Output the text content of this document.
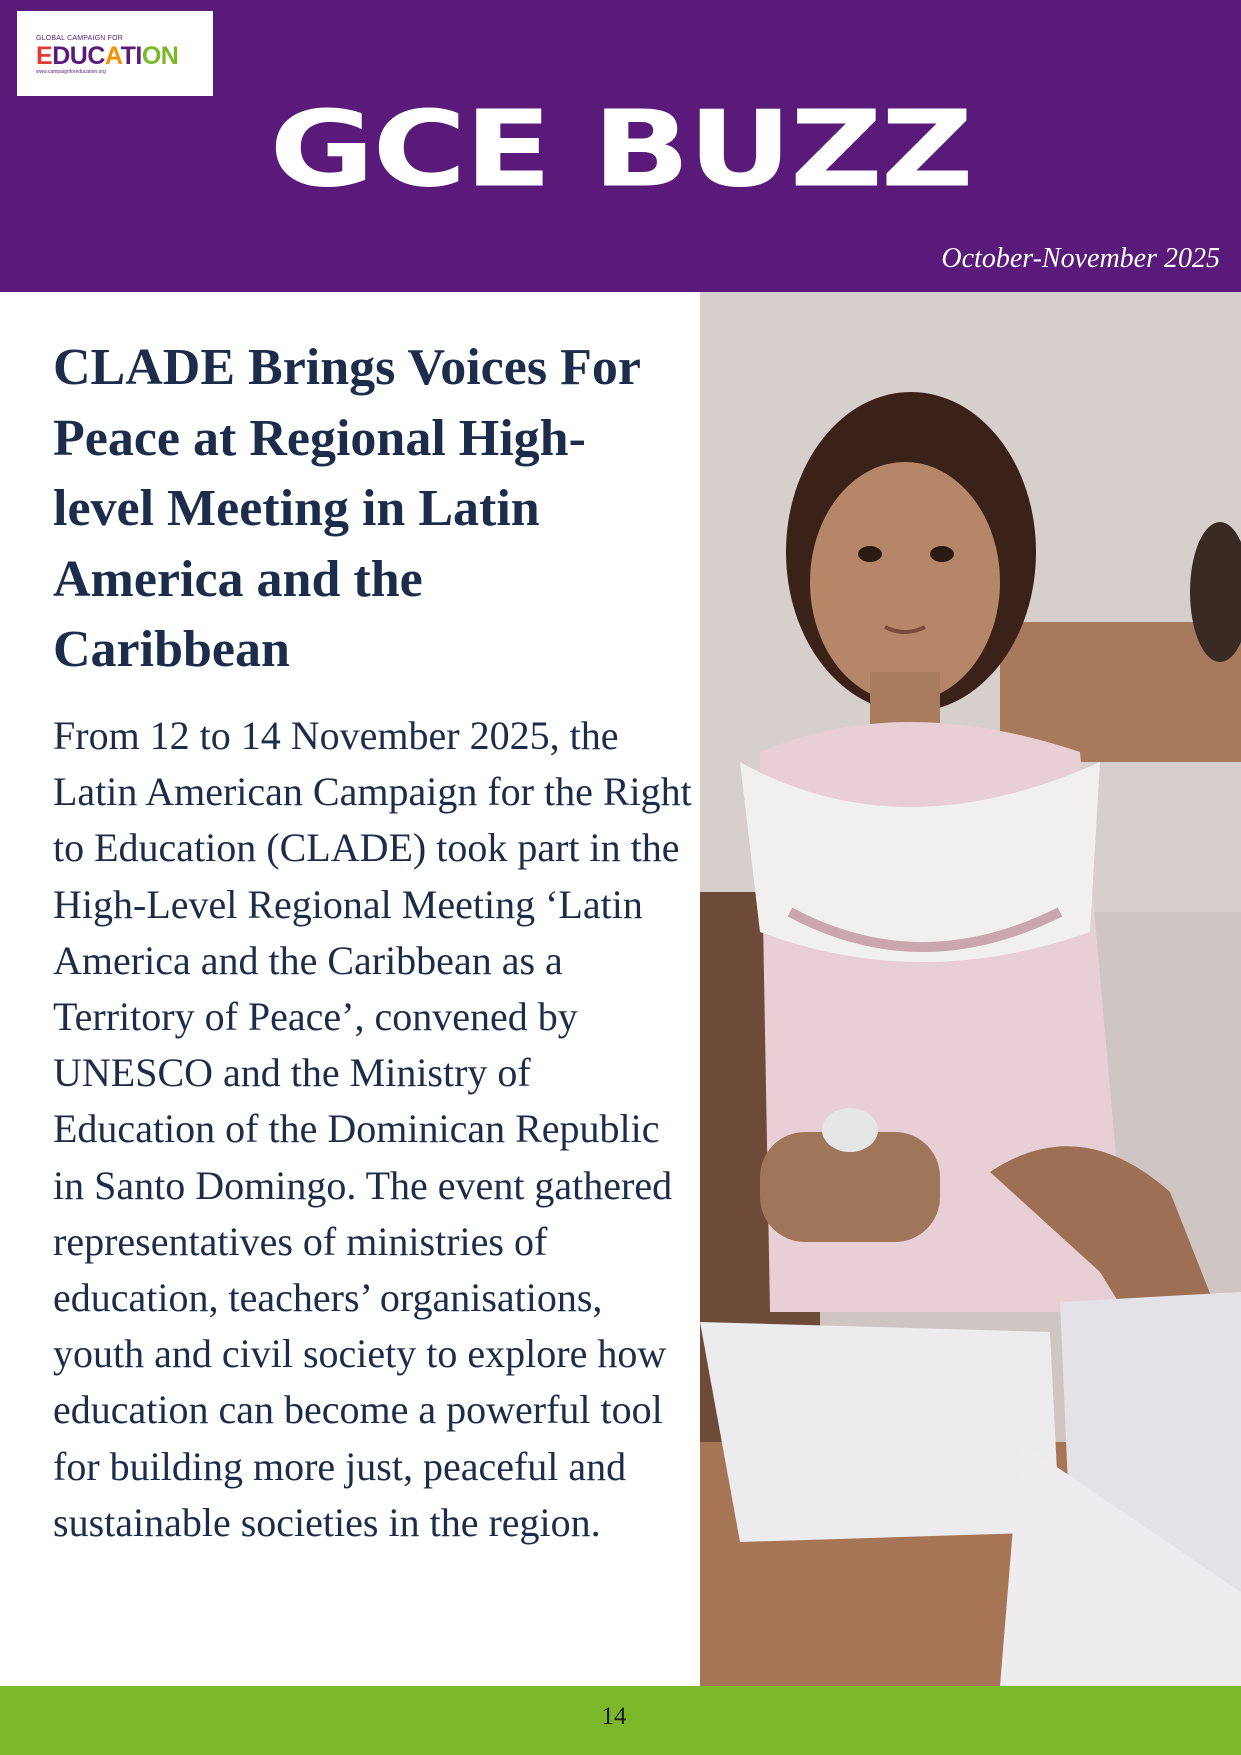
GLOBAL CAMPAIGN FOR
EDUCATION
www.campaignforeducation.org
GCE BUZZ
October-November 2025
CLADE Brings Voices For Peace at Regional High-level Meeting in Latin America and the Caribbean

From 12 to 14 November 2025, the Latin American Campaign for the Right to Education (CLADE) took part in the High-Level Regional Meeting ‘Latin America and the Caribbean as a Territory of Peace’, convened by UNESCO and the Ministry of Education of the Dominican Republic in Santo Domingo. The event gathered representatives of ministries of education, teachers’ organisations, youth and civil society to explore how education can become a powerful tool for building more just, peaceful and sustainable societies in the region.

14
